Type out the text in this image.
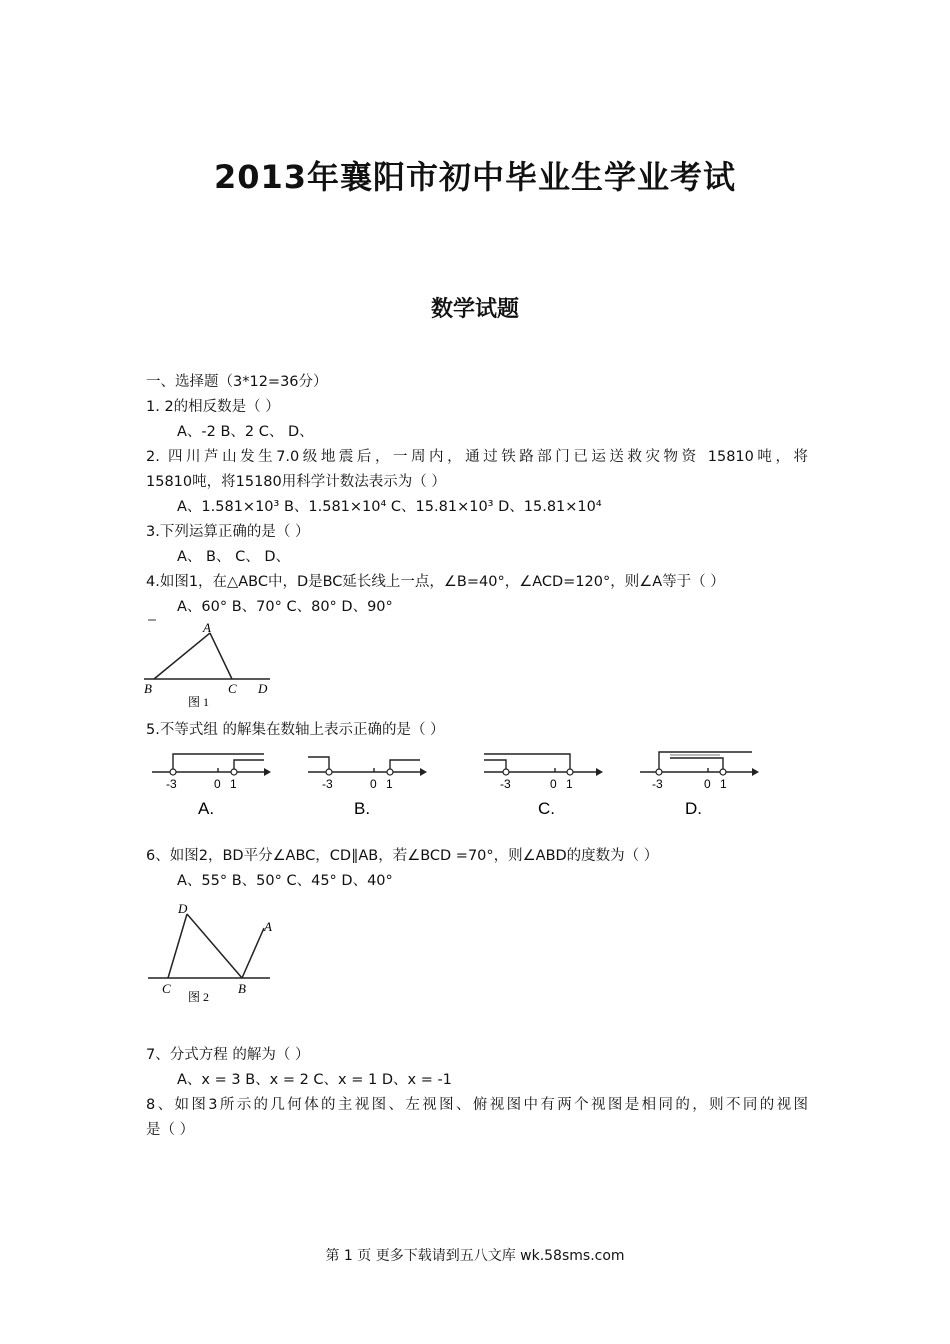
2013年襄阳市初中毕业生学业考试
数学试题
一、选择题（3*12=36分）
1. 2的相反数是（ ）
A、-2 B、2 C、 D、
2. 四川芦山发生7.0级地震后，一周内，通过铁路部门已运送救灾物资 15810吨，将
15810吨，将15180用科学计数法表示为（ ）
A、1.581×10³ B、1.581×10⁴ C、15.81×10³ D、15.81×10⁴
3.下列运算正确的是（ ）
A、 B、 C、 D、
4.如图1，在△ABC中，D是BC延长线上一点，∠B=40°，∠ACD=120°，则∠A等于（ ）
A、60° B、70° C、80° D、90°
A
B	C D
图 1
5.不等式组 的解集在数轴上表示正确的是（ ）
-3	0 1
A.
-3	0 1
B.
-3	0 1
C.
-3	0 1
D.
6、如图2，BD平分∠ABC，CD∥AB，若∠BCD =70°，则∠ABD的度数为（ ）
A、55° B、50° C、45° D、40°
D
A
C	B
图 2
7、分式方程 的解为（ ）
A、x = 3 B、x = 2 C、x = 1 D、x = -1
8、如图3所示的几何体的主视图、左视图、俯视图中有两个视图是相同的，则不同的视图
是（ ）
第 1 页 更多下载请到五八文库 wk.58sms.com
